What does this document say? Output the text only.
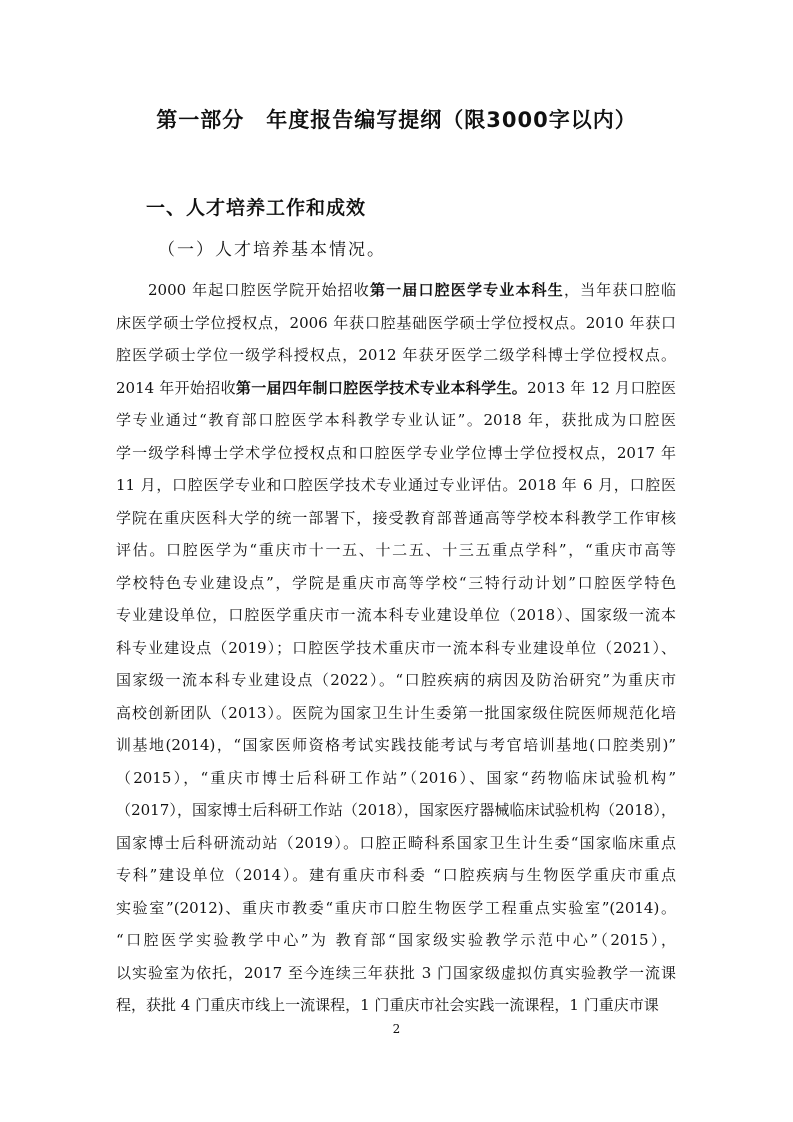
第一部分　年度报告编写提纲（限3000字以内）
一、人才培养工作和成效
（一）人才培养基本情况。
2000 年起口腔医学院开始招收第一届口腔医学专业本科生，当年获口腔临
床医学硕士学位授权点，2006 年获口腔基础医学硕士学位授权点。2010 年获口
腔医学硕士学位一级学科授权点，2012 年获牙医学二级学科博士学位授权点。
2014 年开始招收第一届四年制口腔医学技术专业本科学生。2013 年 12 月口腔医
学专业通过“教育部口腔医学本科教学专业认证”。2018 年，获批成为口腔医
学一级学科博士学术学位授权点和口腔医学专业学位博士学位授权点，2017 年
11 月，口腔医学专业和口腔医学技术专业通过专业评估。2018 年 6 月，口腔医
学院在重庆医科大学的统一部署下，接受教育部普通高等学校本科教学工作审核
评估。口腔医学为“重庆市十一五、十二五、十三五重点学科”，“重庆市高等
学校特色专业建设点”，学院是重庆市高等学校“三特行动计划”口腔医学特色
专业建设单位，口腔医学重庆市一流本科专业建设单位（2018）、国家级一流本
科专业建设点（2019）；口腔医学技术重庆市一流本科专业建设单位（2021）、
国家级一流本科专业建设点（2022）。“口腔疾病的病因及防治研究”为重庆市
高校创新团队（2013）。医院为国家卫生计生委第一批国家级住院医师规范化培
训基地(2014)，“国家医师资格考试实践技能考试与考官培训基地(口腔类别)”
（2015），“重庆市博士后科研工作站”（2016）、国家“药物临床试验机构”
（2017），国家博士后科研工作站（2018），国家医疗器械临床试验机构（2018），
国家博士后科研流动站（2019）。口腔正畸科系国家卫生计生委“国家临床重点
专科”建设单位（2014）。建有重庆市科委 “口腔疾病与生物医学重庆市重点
实验室”(2012)、重庆市教委“重庆市口腔生物医学工程重点实验室”(2014)。
“口腔医学实验教学中心”为 教育部“国家级实验教学示范中心”（2015），
以实验室为依托，2017 至今连续三年获批 3 门国家级虚拟仿真实验教学一流课
程，获批 4 门重庆市线上一流课程，1 门重庆市社会实践一流课程，1 门重庆市课
2
